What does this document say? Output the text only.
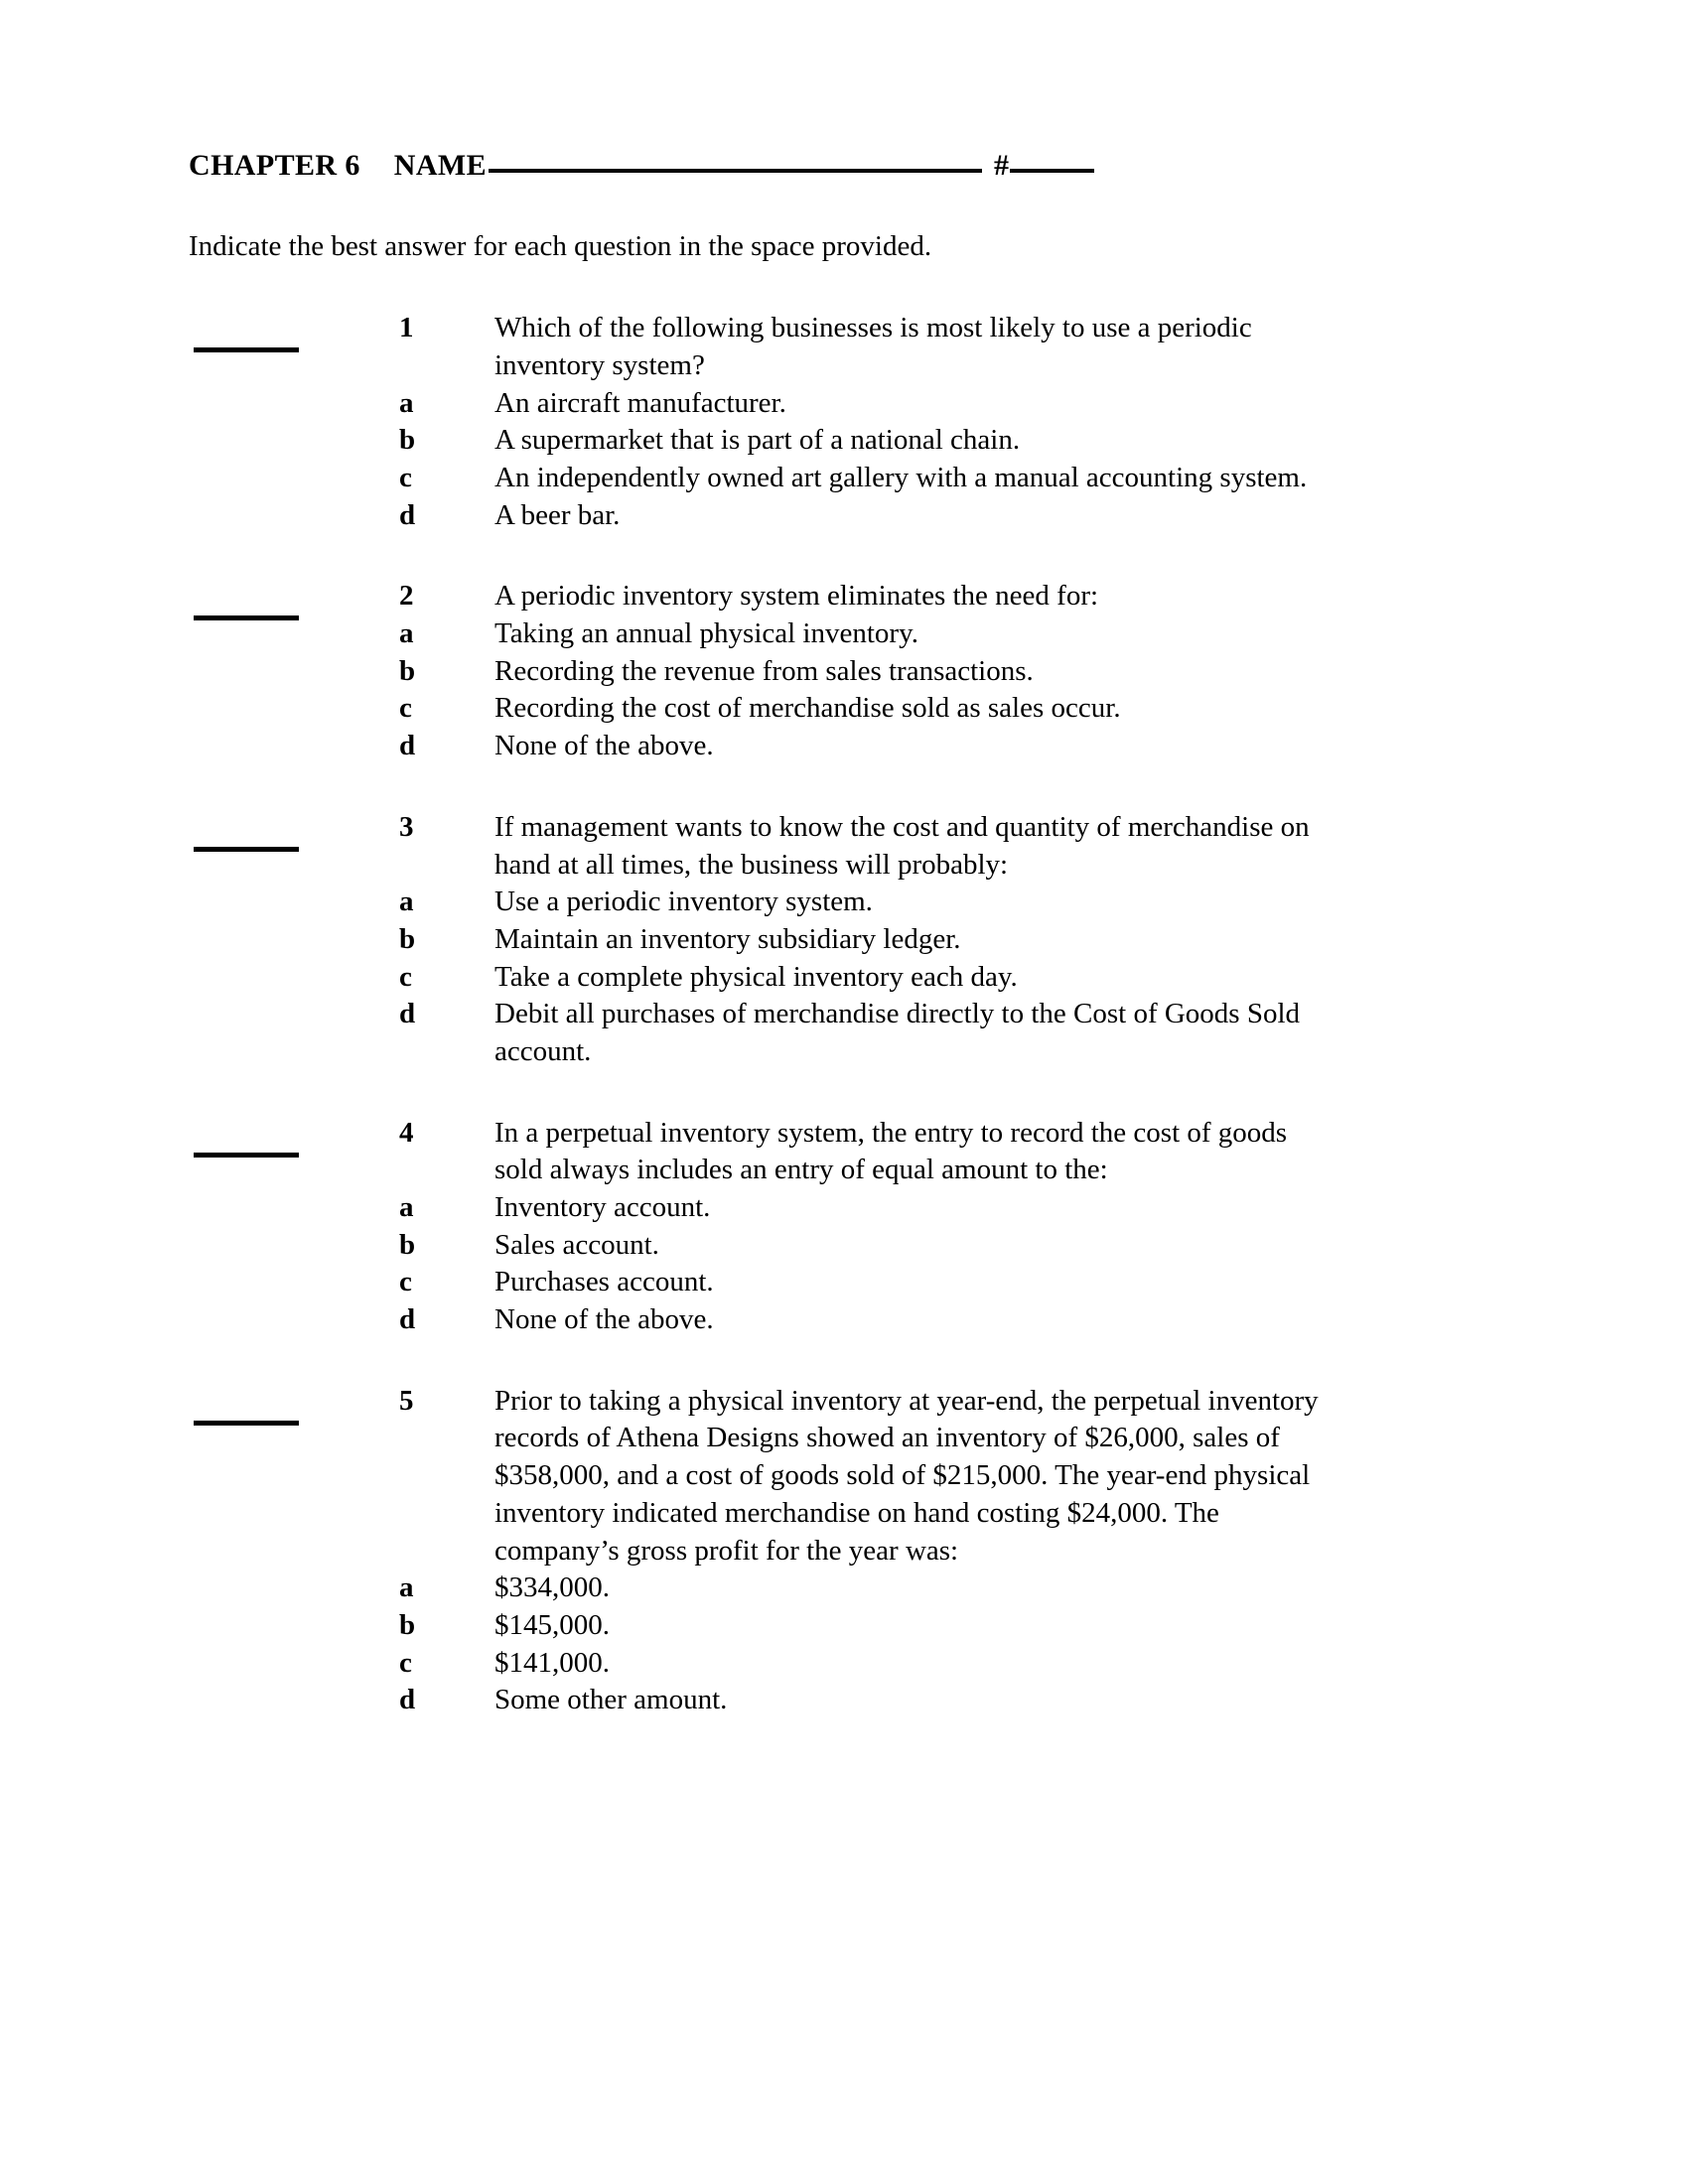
CHAPTER 6 NAME	#
Indicate the best answer for each question in the space provided.
1	Which of the following businesses is most likely to use a periodic
inventory system?
a	An aircraft manufacturer.
b	A supermarket that is part of a national chain.
c	An independently owned art gallery with a manual accounting system.
d	A beer bar.
2	A periodic inventory system eliminates the need for:
a	Taking an annual physical inventory.
b	Recording the revenue from sales transactions.
c	Recording the cost of merchandise sold as sales occur.
d	None of the above.
3	If management wants to know the cost and quantity of merchandise on
hand at all times, the business will probably:
a	Use a periodic inventory system.
b	Maintain an inventory subsidiary ledger.
c	Take a complete physical inventory each day.
d	Debit all purchases of merchandise directly to the Cost of Goods Sold account.
4	In a perpetual inventory system, the entry to record the cost of goods
sold always includes an entry of equal amount to the:
a	Inventory account.
b	Sales account.
c	Purchases account.
d	None of the above.
5	Prior to taking a physical inventory at year-end, the perpetual inventory
records of Athena Designs showed an inventory of $26,000, sales of
$358,000, and a cost of goods sold of $215,000. The year-end physical
inventory indicated merchandise on hand costing $24,000. The
company’s gross profit for the year was:
a	$334,000.
b	$145,000.
c	$141,000.
d	Some other amount.
